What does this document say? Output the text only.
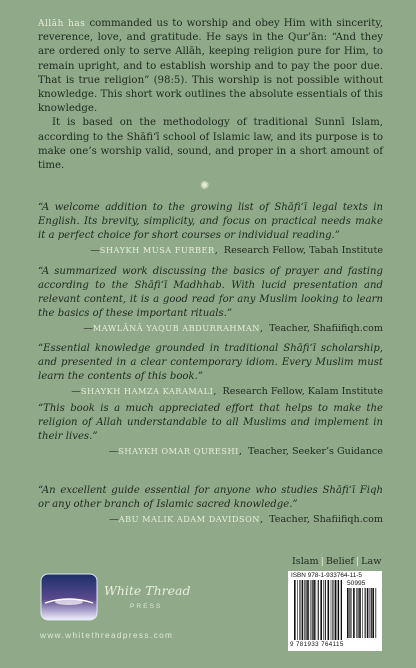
Allāh has commanded us to worship and obey Him with sincerity, reverence, love, and gratitude. He says in the Qur’ān: “And they are ordered only to serve Allāh, keeping religion pure for Him, to remain upright, and to establish worship and to pay the poor due. That is true religion” (98:5). This worship is not possible without knowledge. This short work outlines the absolute essentials of this knowledge.

It is based on the methodology of traditional Sunnī Islam, according to the Shāfi‘ī school of Islamic law, and its purpose is to make one’s worship valid, sound, and proper in a short amount of time.

✺

“A welcome addition to the growing list of Shāfi‘ī legal texts in English. Its brevity, simplicity, and focus on practical needs make it a perfect choice for short courses or individual reading.”

—SHAYKH MUSA FURBER,  Research Fellow, Tabah Institute

“A summarized work discussing the basics of prayer and fasting according to the Shāfi‘ī Madhhab. With lucid presentation and relevant content, it is a good read for any Muslim looking to learn the basics of these important rituals.”

—MAWLĀNĀ YAQUB ABDURRAHMAN,  Teacher, Shafiifiqh.com

“Essential knowledge grounded in traditional Shāfi‘ī scholarship, and presented in a clear contemporary idiom. Every Muslim must learn the contents of this book.”

—SHAYKH HAMZA KARAMALI,  Research Fellow, Kalam Institute

“This book is a much appreciated effort that helps to make the religion of Allah understandable to all Muslims and implement in their lives.”

—SHAYKH OMAR QURESHI,  Teacher, Seeker’s Guidance

“An excellent guide essential for anyone who studies Shāfi‘ī Fiqh or any other branch of Islamic sacred knowledge.”

—ABU MALIK ADAM DAVIDSON,  Teacher, Shafiifiqh.com

Islam | Belief | Law
ISBN 978-1-933764-11-5
50995
9 781933 764115
White Thread
PRESS
www.whitethreadpress.com
